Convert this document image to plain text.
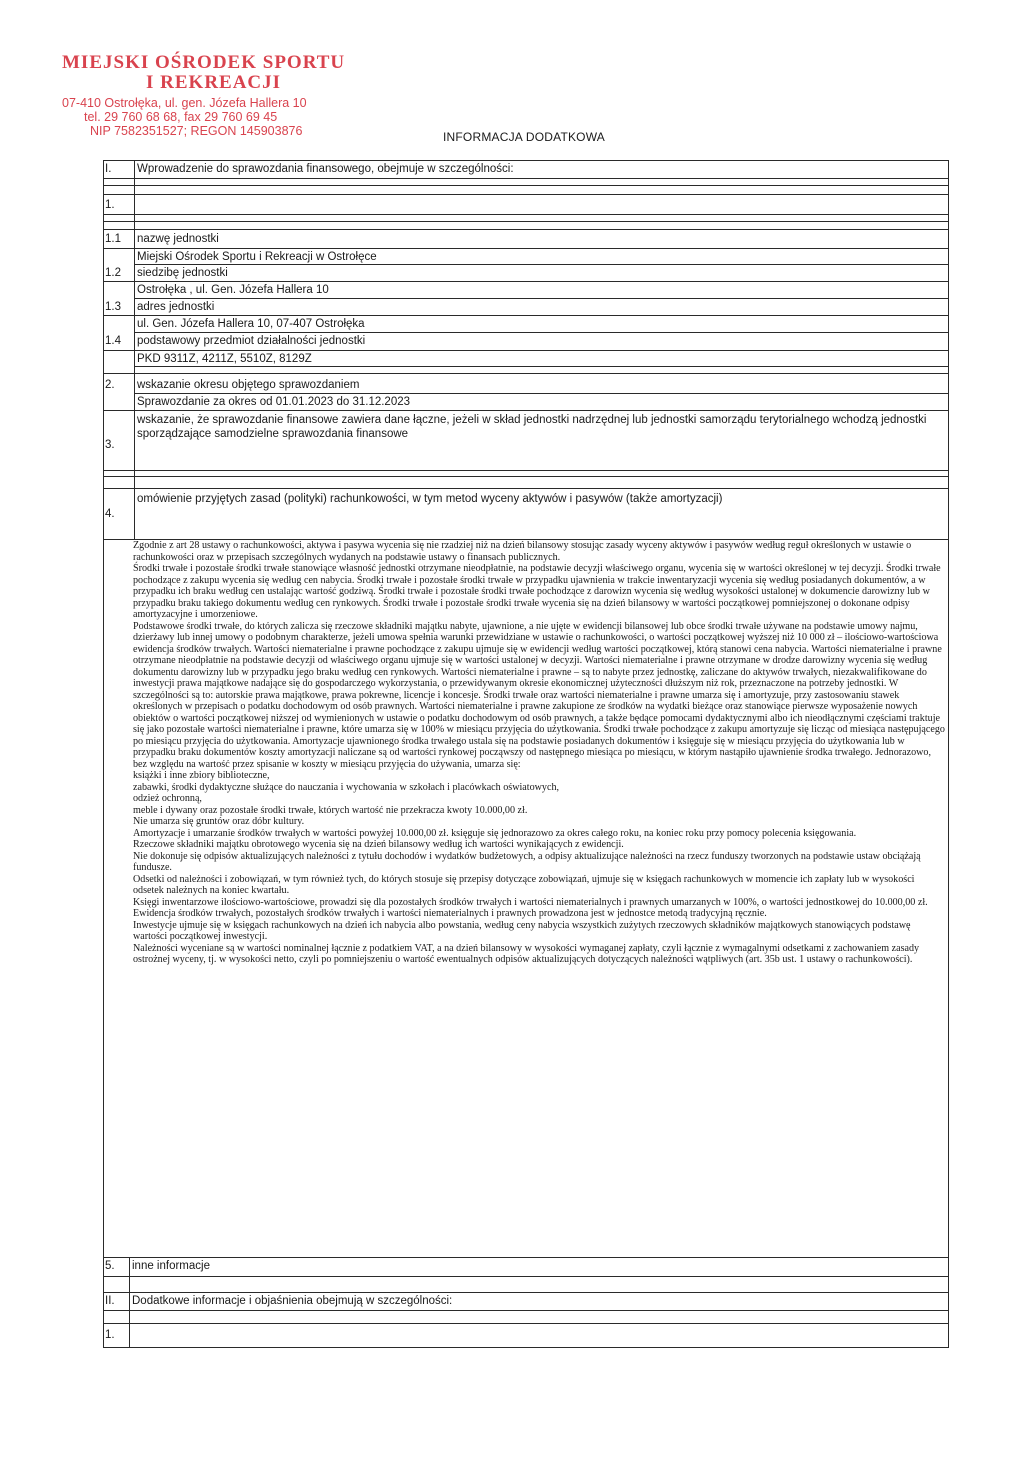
MIEJSKI OŚRODEK SPORTU
I REKREACJI
07-410 Ostrołęka, ul. gen. Józefa Hallera 10
tel. 29 760 68 68, fax 29 760 69 45
NIP 7582351527; REGON 145903876	INFORMACJA DODATKOWA
I. Wprowadzenie do sprawozdania finansowego, obejmuje w szczególności:
1.
1.1 nazwę jednostki
Miejski Ośrodek Sportu i Rekreacji w Ostrołęce
1.2 siedzibę jednostki
Ostrołęka , ul. Gen. Józefa Hallera 10
1.3 adres jednostki
ul. Gen. Józefa Hallera 10, 07-407 Ostrołęka
1.4 podstawowy przedmiot działalności jednostki
PKD 9311Z, 4211Z, 5510Z, 8129Z
2. wskazanie okresu objętego sprawozdaniem
Sprawozdanie za okres od 01.01.2023 do 31.12.2023
3.
wskazanie, że sprawozdanie finansowe zawiera dane łączne, jeżeli w skład jednostki nadrzędnej lub jednostki samorządu terytorialnego wchodzą jednostki sporządzające samodzielne sprawozdania finansowe
4.
omówienie przyjętych zasad (polityki) rachunkowości, w tym metod wyceny aktywów i pasywów (także amortyzacji)

Zgodnie z art 28 ustawy o rachunkowości, aktywa i pasywa wycenia się nie rzadziej niż na dzień bilansowy stosując zasady wyceny aktywów i pasywów według reguł określonych w ustawie o rachunkowości oraz w przepisach szczególnych wydanych na podstawie ustawy o finansach publicznych.

Środki trwałe i pozostałe środki trwałe stanowiące własność jednostki otrzymane nieodpłatnie, na podstawie decyzji właściwego organu, wycenia się w wartości określonej w tej decyzji. Środki trwałe pochodzące z zakupu wycenia się według cen nabycia. Środki trwałe i pozostałe środki trwałe w przypadku ujawnienia w trakcie inwentaryzacji wycenia się według posiadanych dokumentów, a w przypadku ich braku według cen ustalając wartość godziwą. Środki trwałe i pozostałe środki trwałe pochodzące z darowizn wycenia się według wysokości ustalonej w dokumencie darowizny lub w przypadku braku takiego dokumentu według cen rynkowych. Środki trwałe i pozostałe środki trwałe wycenia się na dzień bilansowy w wartości początkowej pomniejszonej o dokonane odpisy amortyzacyjne i umorzeniowe.

Podstawowe środki trwałe, do których zalicza się rzeczowe składniki majątku nabyte, ujawnione, a nie ujęte w ewidencji bilansowej lub obce środki trwałe używane na podstawie umowy najmu, dzierżawy lub innej umowy o podobnym charakterze, jeżeli umowa spełnia warunki przewidziane w ustawie o rachunkowości, o wartości początkowej wyższej niż 10 000 zł – ilościowo-wartościowa ewidencja środków trwałych. Wartości niematerialne i prawne pochodzące z zakupu ujmuje się w ewidencji według wartości początkowej, którą stanowi cena nabycia. Wartości niematerialne i prawne otrzymane nieodpłatnie na podstawie decyzji od właściwego organu ujmuje się w wartości ustalonej w decyzji. Wartości niematerialne i prawne otrzymane w drodze darowizny wycenia się według dokumentu darowizny lub w przypadku jego braku według cen rynkowych. Wartości niematerialne i prawne – są to nabyte przez jednostkę, zaliczane do aktywów trwałych, niezakwalifikowane do inwestycji prawa majątkowe nadające się do gospodarczego wykorzystania, o przewidywanym okresie ekonomicznej użyteczności dłuższym niż rok, przeznaczone na potrzeby jednostki. W szczególności są to: autorskie prawa majątkowe, prawa pokrewne, licencje i koncesje. Środki trwałe oraz wartości niematerialne i prawne umarza się i amortyzuje, przy zastosowaniu stawek określonych w przepisach o podatku dochodowym od osób prawnych. Wartości niematerialne i prawne zakupione ze środków na wydatki bieżące oraz stanowiące pierwsze wyposażenie nowych obiektów o wartości początkowej niższej od wymienionych w ustawie o podatku dochodowym od osób prawnych, a także będące pomocami dydaktycznymi albo ich nieodłącznymi częściami traktuje się jako pozostałe wartości niematerialne i prawne, które umarza się w 100% w miesiącu przyjęcia do użytkowania. Środki trwałe pochodzące z zakupu amortyzuje się licząc od miesiąca następującego po miesiącu przyjęcia do użytkowania. Amortyzacje ujawnionego środka trwałego ustala się na podstawie posiadanych dokumentów i księguje się w miesiącu przyjęcia do użytkowania lub w przypadku braku dokumentów koszty amortyzacji naliczane są od wartości rynkowej począwszy od następnego miesiąca po miesiącu, w którym nastąpiło ujawnienie środka trwałego. Jednorazowo, bez względu na wartość przez spisanie w koszty w miesiącu przyjęcia do używania, umarza się:

książki i inne zbiory biblioteczne,

zabawki, środki dydaktyczne służące do nauczania i wychowania w szkołach i placówkach oświatowych,

odzież ochronną,

meble i dywany oraz pozostałe środki trwałe, których wartość nie przekracza kwoty 10.000,00 zł.

Nie umarza się gruntów oraz dóbr kultury.

Amortyzacje i umarzanie środków trwałych w wartości powyżej 10.000,00 zł. księguje się jednorazowo za okres całego roku, na koniec roku przy pomocy polecenia księgowania.

Rzeczowe składniki majątku obrotowego wycenia się na dzień bilansowy według ich wartości wynikających z ewidencji.

Nie dokonuje się odpisów aktualizujących należności z tytułu dochodów i wydatków budżetowych, a odpisy aktualizujące należności na rzecz funduszy tworzonych na podstawie ustaw obciążają fundusze.

Odsetki od należności i zobowiązań, w tym również tych, do których stosuje się przepisy dotyczące zobowiązań, ujmuje się w księgach rachunkowych w momencie ich zapłaty lub w wysokości odsetek należnych na koniec kwartału.

Księgi inwentarzowe ilościowo-wartościowe, prowadzi się dla pozostałych środków trwałych i wartości niematerialnych i prawnych umarzanych w 100%, o wartości jednostkowej do 10.000,00 zł.

Ewidencja środków trwałych, pozostałych środków trwałych i wartości niematerialnych i prawnych prowadzona jest w jednostce metodą tradycyjną ręcznie.

Inwestycje ujmuje się w księgach rachunkowych na dzień ich nabycia albo powstania, według ceny nabycia wszystkich zużytych rzeczowych składników majątkowych stanowiących podstawę wartości początkowej inwestycji.

Należności wyceniane są w wartości nominalnej łącznie z podatkiem VAT, a na dzień bilansowy w wysokości wymaganej zapłaty, czyli łącznie z wymagalnymi odsetkami z zachowaniem zasady ostrożnej wyceny, tj. w wysokości netto, czyli po pomniejszeniu o wartość ewentualnych odpisów aktualizujących dotyczących należności wątpliwych (art. 35b ust. 1 ustawy o rachunkowości).

5. inne informacje
II. Dodatkowe informacje i objaśnienia obejmują w szczególności:
1.
